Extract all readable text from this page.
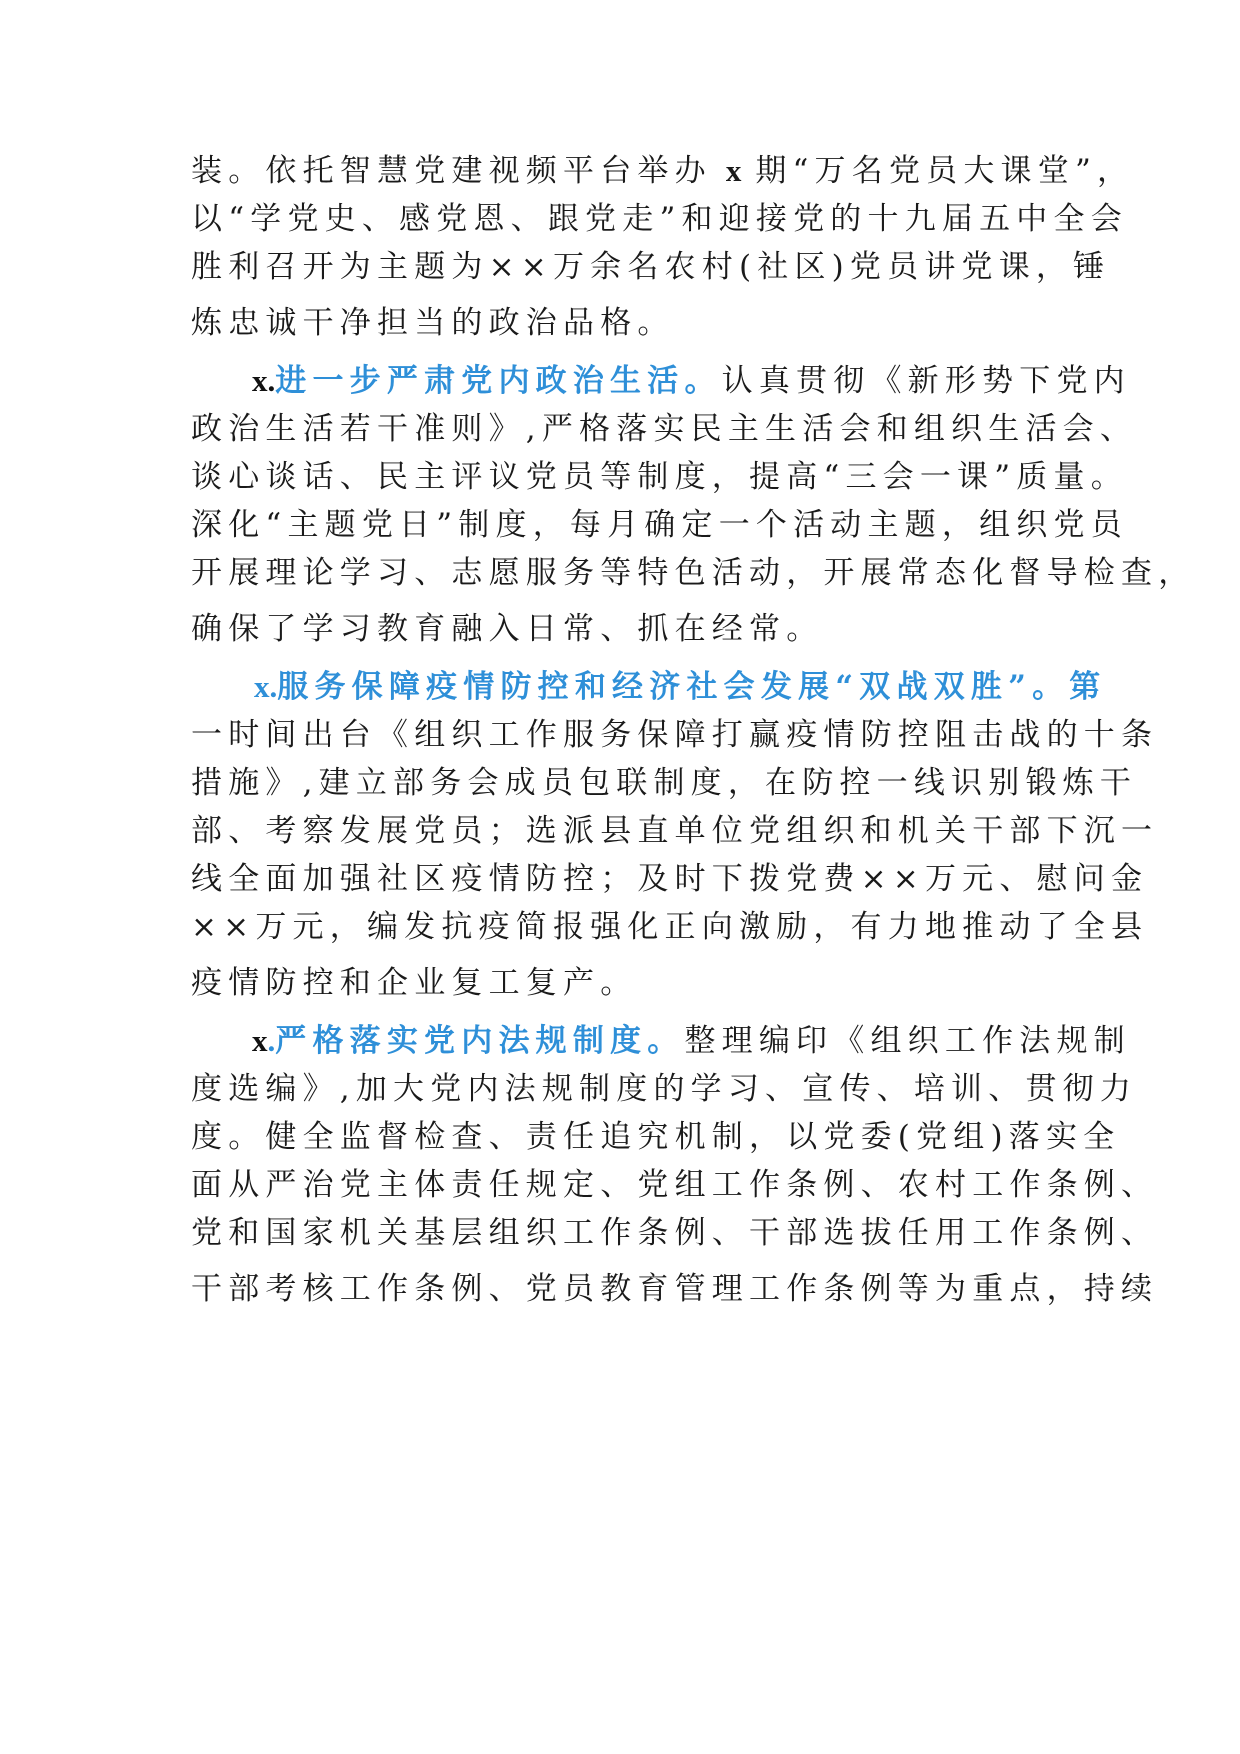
装。依托智慧党建视频平台举办 x 期“万名党员大课堂”，
以“学党史、感党恩、跟党走”和迎接党的十九届五中全会
胜利召开为主题为××万余名农村(社区)党员讲党课，锤
炼忠诚干净担当的政治品格。
x.进一步严肃党内政治生活。认真贯彻《新形势下党内
政治生活若干准则》,严格落实民主生活会和组织生活会、
谈心谈话、民主评议党员等制度，提高“三会一课”质量。
深化“主题党日”制度，每月确定一个活动主题，组织党员
开展理论学习、志愿服务等特色活动，开展常态化督导检查，
确保了学习教育融入日常、抓在经常。
x.服务保障疫情防控和经济社会发展“双战双胜”。第
一时间出台《组织工作服务保障打赢疫情防控阻击战的十条
措施》,建立部务会成员包联制度，在防控一线识别锻炼干
部、考察发展党员；选派县直单位党组织和机关干部下沉一
线全面加强社区疫情防控；及时下拨党费××万元、慰问金
××万元，编发抗疫简报强化正向激励，有力地推动了全县
疫情防控和企业复工复产。
x.严格落实党内法规制度。整理编印《组织工作法规制
度选编》,加大党内法规制度的学习、宣传、培训、贯彻力
度。健全监督检查、责任追究机制，以党委(党组)落实全
面从严治党主体责任规定、党组工作条例、农村工作条例、
党和国家机关基层组织工作条例、干部选拔任用工作条例、
干部考核工作条例、党员教育管理工作条例等为重点，持续
